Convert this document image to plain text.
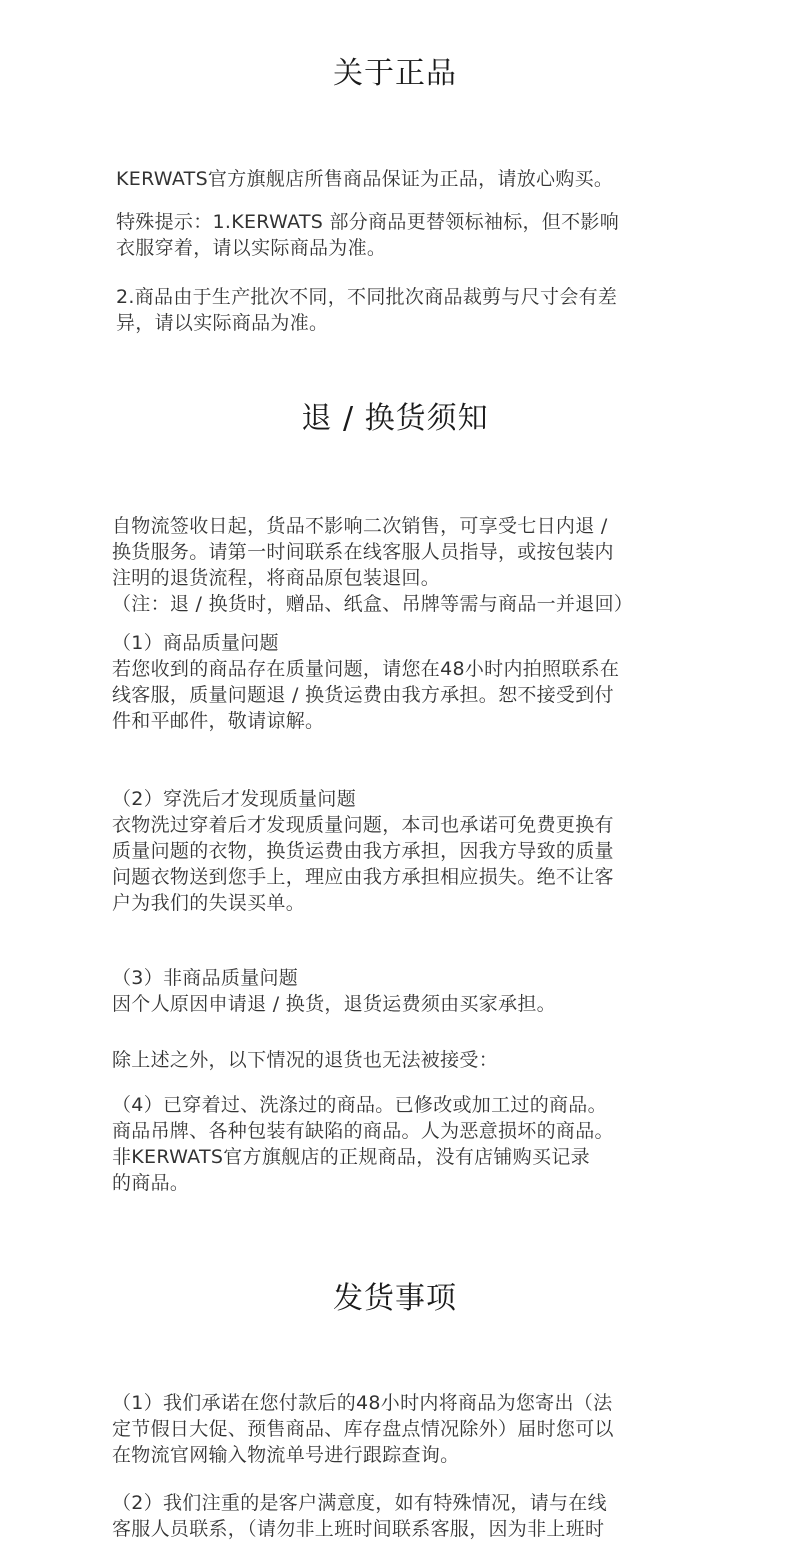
关于正品

KERWATS官方旗舰店所售商品保证为正品，请放心购买。

特殊提示：1.KERWATS 部分商品更替领标袖标，但不影响
衣服穿着，请以实际商品为准。

2.商品由于生产批次不同，不同批次商品裁剪与尺寸会有差
异，请以实际商品为准。

退 / 换货须知

自物流签收日起，货品不影响二次销售，可享受七日内退 /
换货服务。请第一时间联系在线客服人员指导，或按包装内
注明的退货流程，将商品原包装退回。
（注：退 / 换货时，赠品、纸盒、吊牌等需与商品一并退回）

（1）商品质量问题
若您收到的商品存在质量问题，请您在48小时内拍照联系在
线客服，质量问题退 / 换货运费由我方承担。恕不接受到付
件和平邮件，敬请谅解。

（2）穿洗后才发现质量问题
衣物洗过穿着后才发现质量问题，本司也承诺可免费更换有
质量问题的衣物，换货运费由我方承担，因我方导致的质量
问题衣物送到您手上，理应由我方承担相应损失。绝不让客
户为我们的失误买单。

（3）非商品质量问题
因个人原因申请退 / 换货，退货运费须由买家承担。

除上述之外，以下情况的退货也无法被接受：

（4）已穿着过、洗涤过的商品。已修改或加工过的商品。
商品吊牌、各种包装有缺陷的商品。人为恶意损坏的商品。
非KERWATS官方旗舰店的正规商品，没有店铺购买记录
的商品。

发货事项

（1）我们承诺在您付款后的48小时内将商品为您寄出（法
定节假日大促、预售商品、库存盘点情况除外）届时您可以
在物流官网输入物流单号进行跟踪查询。

（2）我们注重的是客户满意度，如有特殊情况，请与在线
客服人员联系，（请勿非上班时间联系客服，因为非上班时
